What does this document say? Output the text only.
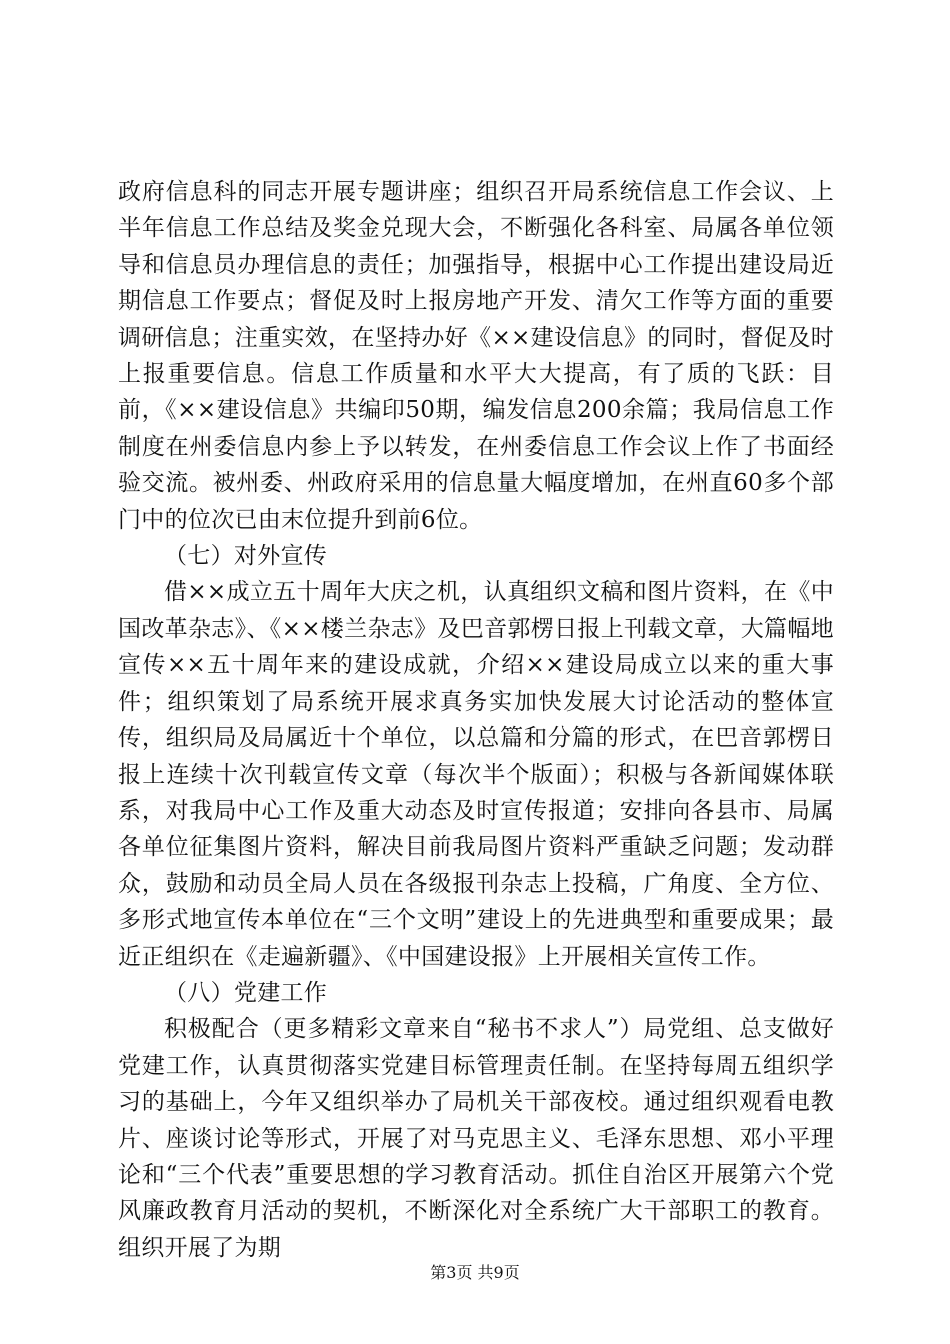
政府信息科的同志开展专题讲座；组织召开局系统信息工作会议、上半年信息工作总结及奖金兑现大会，不断强化各科室、局属各单位领导和信息员办理信息的责任；加强指导，根据中心工作提出建设局近期信息工作要点；督促及时上报房地产开发、清欠工作等方面的重要调研信息；注重实效，在坚持办好《××建设信息》的同时，督促及时上报重要信息。信息工作质量和水平大大提高，有了质的飞跃：目前，《××建设信息》共编印50期，编发信息200余篇；我局信息工作制度在州委信息内参上予以转发，在州委信息工作会议上作了书面经验交流。被州委、州政府采用的信息量大幅度增加，在州直60多个部门中的位次已由末位提升到前6位。

（七）对外宣传

借××成立五十周年大庆之机，认真组织文稿和图片资料，在《中国改革杂志》、《××楼兰杂志》及巴音郭楞日报上刊载文章，大篇幅地宣传××五十周年来的建设成就，介绍××建设局成立以来的重大事件；组织策划了局系统开展求真务实加快发展大讨论活动的整体宣传，组织局及局属近十个单位，以总篇和分篇的形式，在巴音郭楞日报上连续十次刊载宣传文章（每次半个版面）；积极与各新闻媒体联系，对我局中心工作及重大动态及时宣传报道；安排向各县市、局属各单位征集图片资料，解决目前我局图片资料严重缺乏问题；发动群众，鼓励和动员全局人员在各级报刊杂志上投稿，广角度、全方位、多形式地宣传本单位在“三个文明”建设上的先进典型和重要成果；最近正组织在《走遍新疆》、《中国建设报》上开展相关宣传工作。

（八）党建工作

积极配合（更多精彩文章来自“秘书不求人”）局党组、总支做好党建工作，认真贯彻落实党建目标管理责任制。在坚持每周五组织学习的基础上，今年又组织举办了局机关干部夜校。通过组织观看电教片、座谈讨论等形式，开展了对马克思主义、毛泽东思想、邓小平理论和“三个代表”重要思想的学习教育活动。抓住自治区开展第六个党风廉政教育月活动的契机，不断深化对全系统广大干部职工的教育。组织开展了为期

第3页 共9页
